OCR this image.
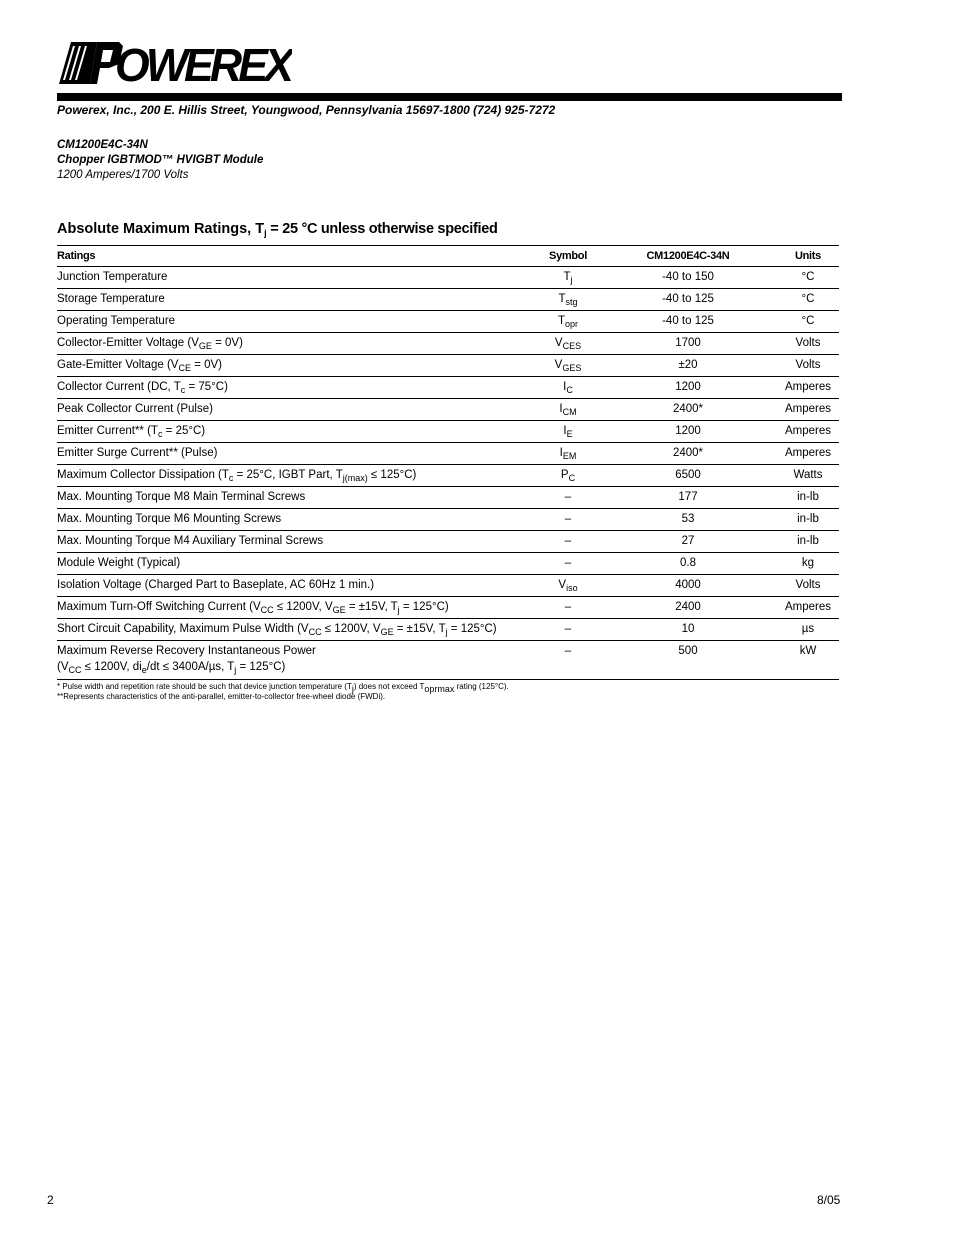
OWEREX
Powerex, Inc., 200 E. Hillis Street, Youngwood, Pennsylvania 15697-1800 (724) 925-7272
CM1200E4C-34N
Chopper IGBTMOD™ HVIGBT Module
1200 Amperes/1700 Volts
Absolute Maximum Ratings, $T_j = 25$ °C unless otherwise specified
Ratings	Symbol	CM1200E4C-34N	Units
Junction Temperature	$T_j$	-40 to 150	°C
Storage Temperature	$T_{stg}$	-40 to 125	°C
Operating Temperature	$T_{opr}$	-40 to 125	°C
Collector-Emitter Voltage $(V_{GE} = 0V)$	$V_{CES}$	1700	Volts
Gate-Emitter Voltage $(V_{CE} = 0V)$	$V_{GES}$	±20	Volts
Collector Current (DC, $T_c = 75^\circ C$)	$I_C$	1200	Amperes
Peak Collector Current (Pulse)	$I_{CM}$	2400*	Amperes
Emitter Current** $(T_c = 25^\circ C)$	$I_E$	1200	Amperes
Emitter Surge Current** (Pulse)	$I_{EM}$	2400*	Amperes
Maximum Collector Dissipation ($T_c = 25^\circ C$, IGBT Part, $T_{j(max)} \le 125^\circ C$)	$P_C$	6500	Watts
Max. Mounting Torque M8 Main Terminal Screws	–	177	in-lb
Max. Mounting Torque M6 Mounting Screws	–	53	in-lb
Max. Mounting Torque M4 Auxiliary Terminal Screws	–	27	in-lb
Module Weight (Typical)	–	0.8	kg
Isolation Voltage (Charged Part to Baseplate, AC 60Hz 1 min.)	$V_{iso}$	4000	Volts
Maximum Turn-Off Switching Current ($V_{CC} \le 1200V$, $V_{GE} = \pm 15V$, $T_j = 125^\circ C$)	–	2400	Amperes
Short Circuit Capability, Maximum Pulse Width ($V_{CC} \le 1200V$, $V_{GE} = \pm 15V$, $T_j = 125^\circ C$)	–	10	µs

Maximum Reverse Recovery Instantaneous Power
($V_{CC} \le 1200V$, $di_e/dt \le 3400A/\mu s$, $T_j = 125^\circ C$)	–	500	kW
* Pulse width and repetition rate should be such that device junction temperature $(T_j)$ does not exceed $T_{oprmax}$ rating (125°C).
**Represents characteristics of the anti-parallel, emitter-to-collector free-wheel diode (FWDi).
2	8/05
